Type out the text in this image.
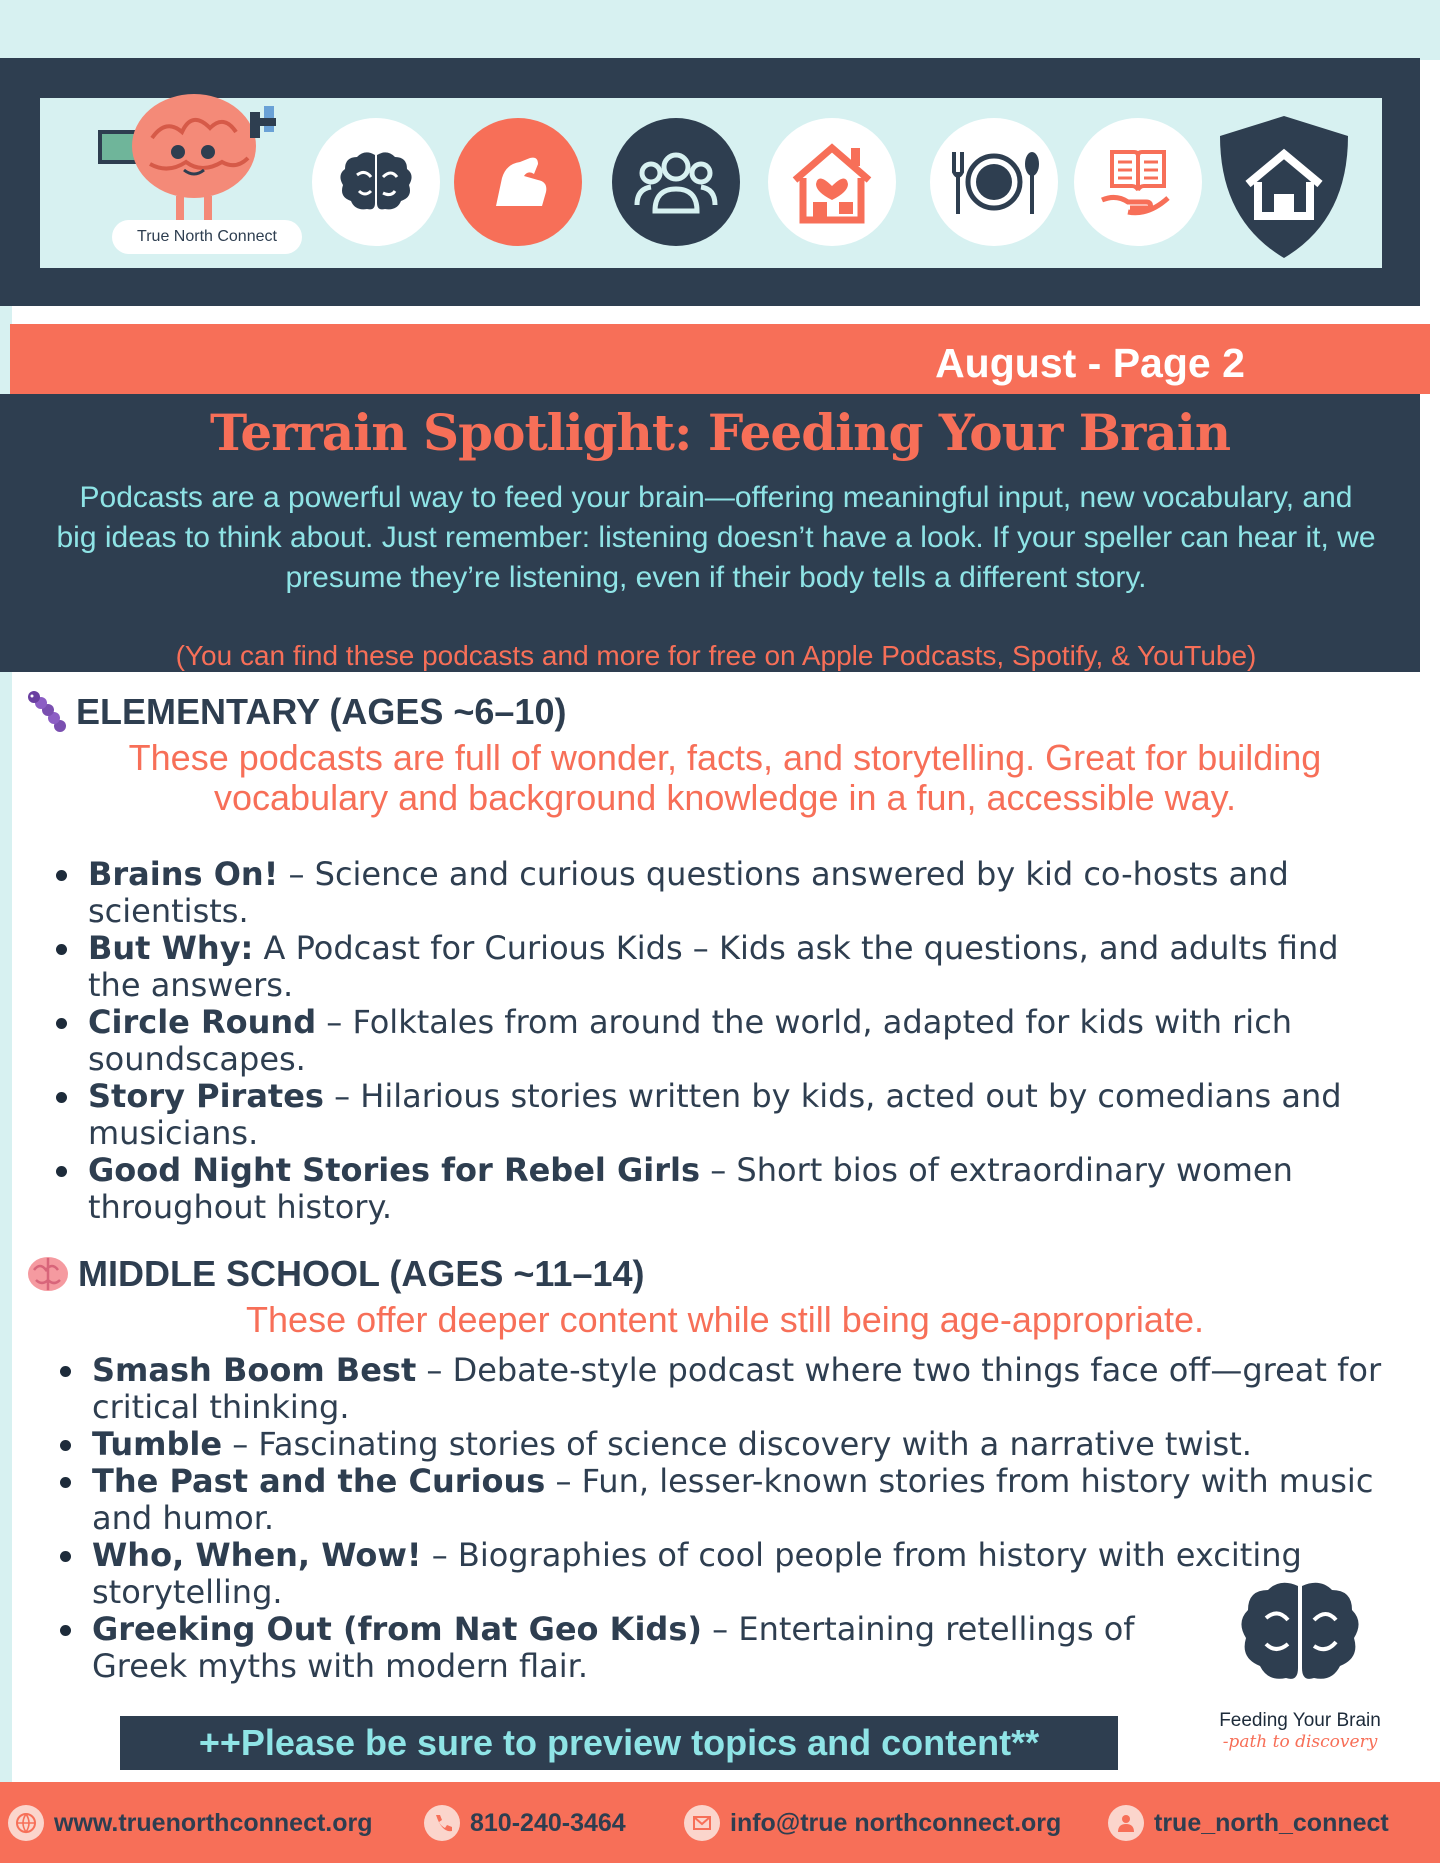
True North Connect
August - Page 2
Terrain Spotlight: Feeding Your Brain
Podcasts are a powerful way to feed your brain—offering meaningful input, new vocabulary, and big ideas to think about. Just remember: listening doesn’t have a look. If your speller can hear it, we presume they’re listening, even if their body tells a different story.
(You can find these podcasts and more for free on Apple Podcasts, Spotify, & YouTube)
ELEMENTARY (AGES ~6–10)
These podcasts are full of wonder, facts, and storytelling. Great for building vocabulary and background knowledge in a fun, accessible way.
Brains On! – Science and curious questions answered by kid co-hosts and scientists.
But Why: A Podcast for Curious Kids – Kids ask the questions, and adults find the answers.
Circle Round – Folktales from around the world, adapted for kids with rich soundscapes.
Story Pirates – Hilarious stories written by kids, acted out by comedians and musicians.
Good Night Stories for Rebel Girls – Short bios of extraordinary women throughout history.
MIDDLE SCHOOL (AGES ~11–14)
These offer deeper content while still being age-appropriate.
Smash Boom Best – Debate-style podcast where two things face off—great for critical thinking.
Tumble – Fascinating stories of science discovery with a narrative twist.
The Past and the Curious – Fun, lesser-known stories from history with music and humor.
Who, When, Wow! – Biographies of cool people from history with exciting storytelling.
Greeking Out (from Nat Geo Kids) – Entertaining retellings of Greek myths with modern flair.
Feeding Your Brain
-path to discovery
++Please be sure to preview topics and content**
www.truenorthconnect.org	810-240-3464	info@true northconnect.org	true_north_connect
